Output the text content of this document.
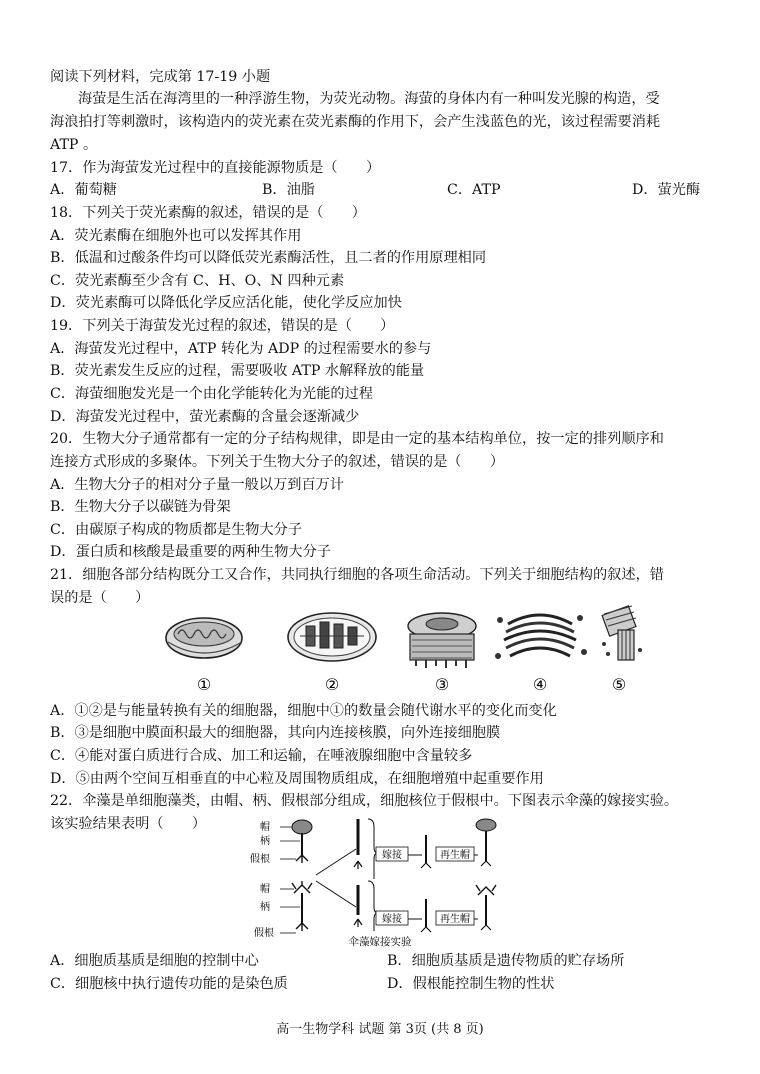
阅读下列材料，完成第 17-19 小题
海萤是生活在海湾里的一种浮游生物，为荧光动物。海萤的身体内有一种叫发光腺的构造，受
海浪拍打等刺激时，该构造内的荧光素在荧光素酶的作用下，会产生浅蓝色的光，该过程需要消耗
ATP 。
17．作为海萤发光过程中的直接能源物质是（　　）
A．葡萄糖	B．油脂	C．ATP	D．萤光酶
18．下列关于荧光素酶的叙述，错误的是（　　）
A．荧光素酶在细胞外也可以发挥其作用
B．低温和过酸条件均可以降低荧光素酶活性，且二者的作用原理相同
C．荧光素酶至少含有 C、H、O、N 四种元素
D．荧光素酶可以降低化学反应活化能，使化学反应加快
19．下列关于海萤发光过程的叙述，错误的是（　　）
A．海萤发光过程中，ATP 转化为 ADP 的过程需要水的参与
B．荧光素发生反应的过程，需要吸收 ATP 水解释放的能量
C．海萤细胞发光是一个由化学能转化为光能的过程
D．海萤发光过程中，萤光素酶的含量会逐渐减少
20．生物大分子通常都有一定的分子结构规律，即是由一定的基本结构单位，按一定的排列顺序和
连接方式形成的多聚体。下列关于生物大分子的叙述，错误的是（　　）
A．生物大分子的相对分子量一般以万到百万计
B．生物大分子以碳链为骨架
C．由碳原子构成的物质都是生物大分子
D．蛋白质和核酸是最重要的两种生物大分子
21．细胞各部分结构既分工又合作，共同执行细胞的各项生命活动。下列关于细胞结构的叙述，错
误的是（　　）
①	②	③	④	⑤
A．①②是与能量转换有关的细胞器，细胞中①的数量会随代谢水平的变化而变化
B．③是细胞中膜面积最大的细胞器，其向内连接核膜，向外连接细胞膜
C．④能对蛋白质进行合成、加工和运输，在唾液腺细胞中含量较多
D．⑤由两个空间互相垂直的中心粒及周围物质组成，在细胞增殖中起重要作用
22．伞藻是单细胞藻类，由帽、柄、假根部分组成，细胞核位于假根中。下图表示伞藻的嫁接实验。
该实验结果表明（　　）	帽
柄
假根
帽
柄
假根
嫁接	再生帽
嫁接	再生帽
伞藻嫁接实验
A．细胞质基质是细胞的控制中心	B．细胞质基质是遗传物质的贮存场所
C．细胞核中执行遗传功能的是染色质	D．假根能控制生物的性状
高一生物学科 试题 第 3页 (共 8 页)
